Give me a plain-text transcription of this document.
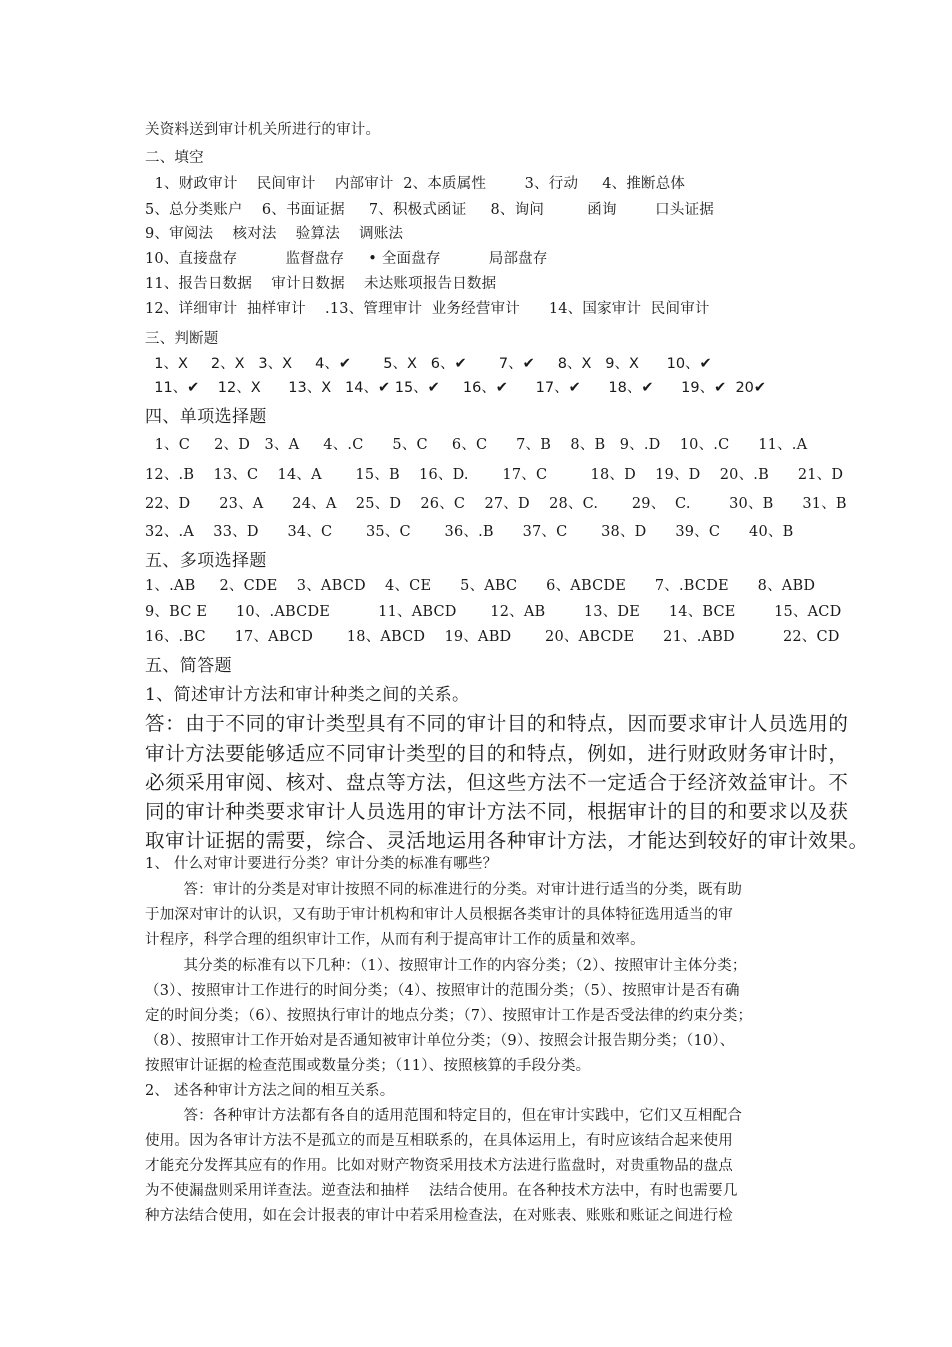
关资料送到审计机关所进行的审计。
二、填空
1、财政审计    民间审计    内部审计  2、本质属性        3、行动     4、推断总体
5、总分类账户    6、书面证据     7、积极式函证     8、询问         函询        口头证据
9、审阅法    核对法    验算法    调账法
10、直接盘存          监督盘存     • 全面盘存          局部盘存
11、报告日数据    审计日数据    未达账项报告日数据
12、详细审计  抽样审计    .13、管理审计  业务经营审计      14、国家审计  民间审计
三、判断题
1、X     2、X   3、X     4、✔       5、X   6、✔       7、✔     8、X   9、X      10、✔
11、✔    12、X      13、X   14、✔ 15、✔     16、✔      17、✔      18、✔      19、✔  20✔
四、单项选择题
1、C     2、D   3、A     4、.C      5、C     6、C      7、B    8、B   9、.D    10、.C      11、.A
12、.B    13、C    14、A       15、B    16、D.       17、C         18、D    19、D    20、.B      21、D
22、D      23、A      24、A    25、D    26、C    27、D    28、C.       29、  C.        30、B      31、B
32、.A    33、D      34、C       35、C       36、.B      37、C       38、D      39、C      40、B
五、多项选择题
1、.AB     2、CDE    3、ABCD    4、CE      5、ABC      6、ABCDE      7、.BCDE      8、ABD
9、BC E      10、.ABCDE          11、ABCD       12、AB        13、DE      14、BCE        15、ACD
16、.BC      17、ABCD       18、ABCD    19、ABD       20、ABCDE      21、.ABD          22、CD
五、简答题
1、简述审计方法和审计种类之间的关系。
答：由于不同的审计类型具有不同的审计目的和特点，因而要求审计人员选用的
审计方法要能够适应不同审计类型的目的和特点，例如，进行财政财务审计时，
必须采用审阅、核对、盘点等方法，但这些方法不一定适合于经济效益审计。不
同的审计种类要求审计人员选用的审计方法不同，根据审计的目的和要求以及获
取审计证据的需要，综合、灵活地运用各种审计方法，才能达到较好的审计效果。
1、 什么对审计要进行分类？审计分类的标准有哪些？
答：审计的分类是对审计按照不同的标准进行的分类。对审计进行适当的分类，既有助
于加深对审计的认识，又有助于审计机构和审计人员根据各类审计的具体特征选用适当的审
计程序，科学合理的组织审计工作，从而有利于提高审计工作的质量和效率。
其分类的标准有以下几种：（1）、按照审计工作的内容分类；（2）、按照审计主体分类；
（3）、按照审计工作进行的时间分类；（4）、按照审计的范围分类；（5）、按照审计是否有确
定的时间分类；（6）、按照执行审计的地点分类；（7）、按照审计工作是否受法律的约束分类；
（8）、按照审计工作开始对是否通知被审计单位分类；（9）、按照会计报告期分类；（10）、
按照审计证据的检查范围或数量分类；（11）、按照核算的手段分类。
2、 述各种审计方法之间的相互关系。
答：各种审计方法都有各自的适用范围和特定目的，但在审计实践中，它们又互相配合
使用。因为各审计方法不是孤立的而是互相联系的，在具体运用上，有时应该结合起来使用
才能充分发挥其应有的作用。比如对财产物资采用技术方法进行监盘时，对贵重物品的盘点
为不使漏盘则采用详查法。逆查法和抽样    法结合使用。在各种技术方法中，有时也需要几
种方法结合使用，如在会计报表的审计中若采用检查法，在对账表、账账和账证之间进行检
